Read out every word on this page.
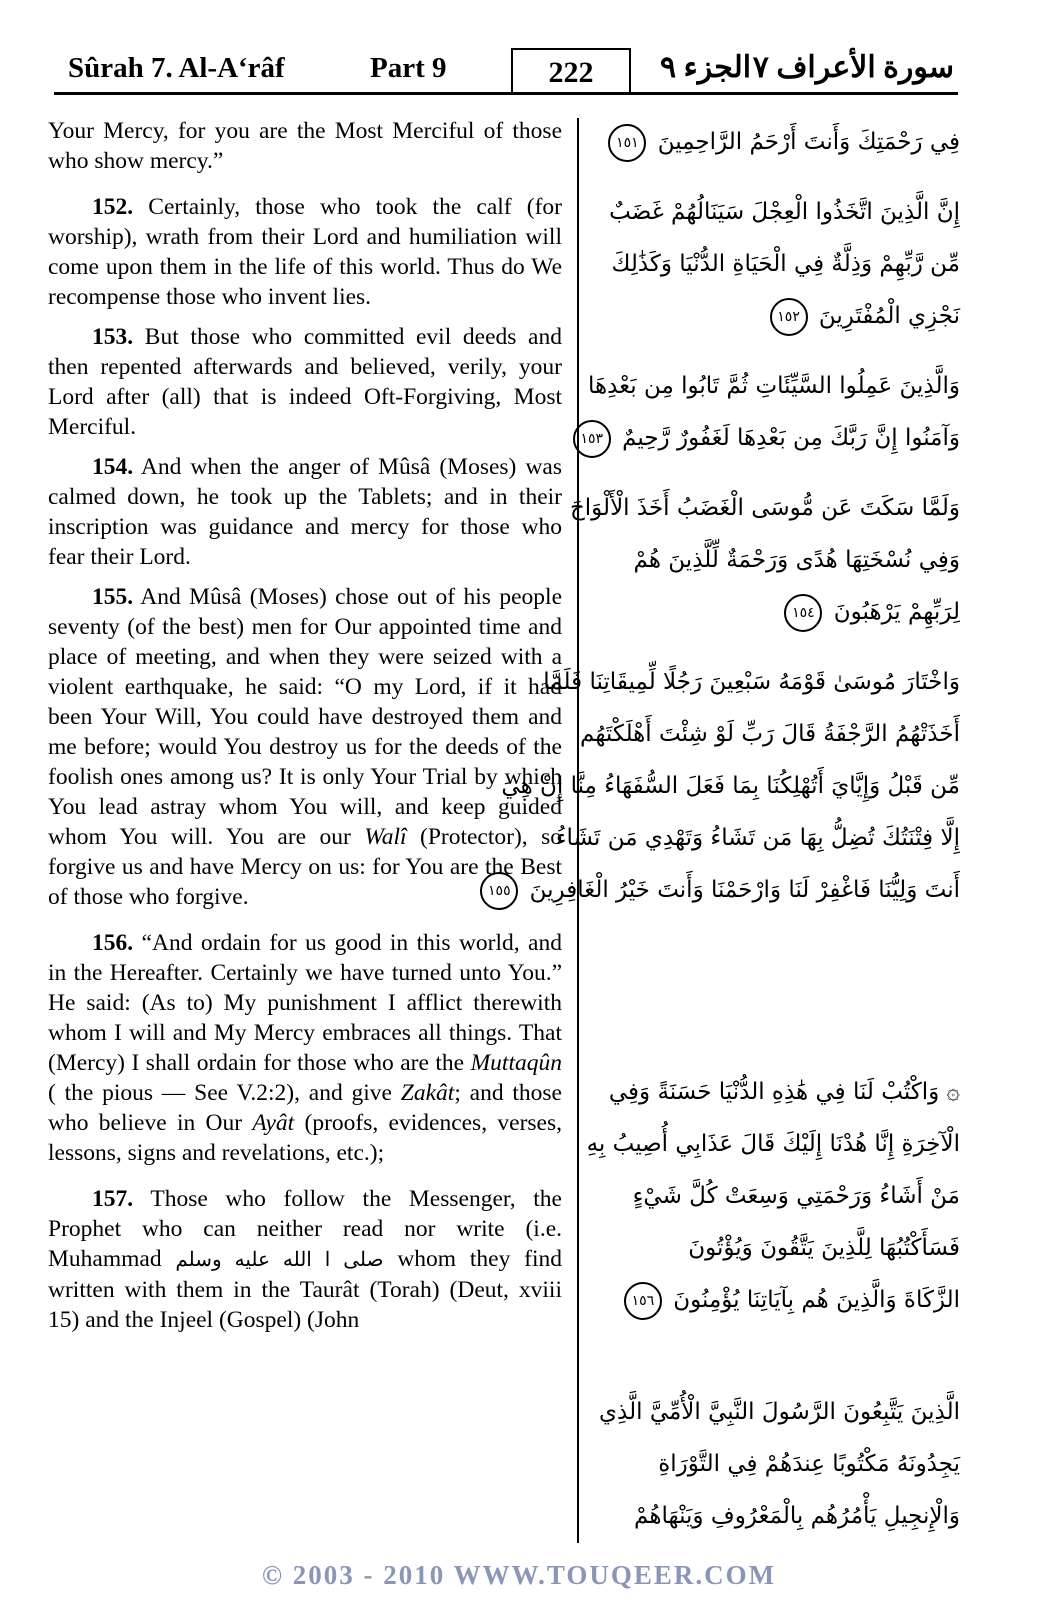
Sûrah 7. Al-A‘râf	Part 9	222	الجزء ٩ سورة الأعراف ٧

Your Mercy, for you are the Most Merciful of those who show mercy.”

152. Certainly, those who took the calf (for worship), wrath from their Lord and humiliation will come upon them in the life of this world. Thus do We recompense those who invent lies.

153. But those who committed evil deeds and then repented afterwards and believed, verily, your Lord after (all) that is indeed Oft-Forgiving, Most Merciful.

154. And when the anger of Mûsâ (Moses) was calmed down, he took up the Tablets; and in their inscription was guidance and mercy for those who fear their Lord.

155. And Mûsâ (Moses) chose out of his people seventy (of the best) men for Our appointed time and place of meeting, and when they were seized with a violent earthquake, he said: “O my Lord, if it had been Your Will, You could have destroyed them and me before; would You destroy us for the deeds of the foolish ones among us? It is only Your Trial by which You lead astray whom You will, and keep guided whom You will. You are our Walî (Protector), so forgive us and have Mercy on us: for You are the Best of those who forgive.

156. “And ordain for us good in this world, and in the Hereafter. Certainly we have turned unto You.” He said: (As to) My punishment I afflict therewith whom I will and My Mercy embraces all things. That (Mercy) I shall ordain for those who are the Muttaqûn ( the pious — See V.2:2), and give Zakât; and those who believe in Our Ayât (proofs, evidences, verses, lessons, signs and revelations, etc.);

157. Those who follow the Messenger, the Prophet who can neither read nor write (i.e. Muhammad صلى ا الله عليه وسلم whom they find written with them in the Taurât (Torah) (Deut, xviii 15) and the Injeel (Gospel) (John

فِي رَحْمَتِكَ وَأَنتَ أَرْحَمُ الرَّاحِمِينَ ١٥١
إِنَّ الَّذِينَ اتَّخَذُوا الْعِجْلَ سَيَنَالُهُمْ غَضَبٌ
مِّن رَّبِّهِمْ وَذِلَّةٌ فِي الْحَيَاةِ الدُّنْيَا وَكَذَٰلِكَ
نَجْزِي الْمُفْتَرِينَ ١٥٢
وَالَّذِينَ عَمِلُوا السَّيِّئَاتِ ثُمَّ تَابُوا مِن بَعْدِهَا
وَآمَنُوا إِنَّ رَبَّكَ مِن بَعْدِهَا لَغَفُورٌ رَّحِيمٌ ١٥٣
وَلَمَّا سَكَتَ عَن مُّوسَى الْغَضَبُ أَخَذَ الْأَلْوَاحَ
وَفِي نُسْخَتِهَا هُدًى وَرَحْمَةٌ لِّلَّذِينَ هُمْ
لِرَبِّهِمْ يَرْهَبُونَ ١٥٤
وَاخْتَارَ مُوسَىٰ قَوْمَهُ سَبْعِينَ رَجُلًا لِّمِيقَاتِنَا فَلَمَّا
أَخَذَتْهُمُ الرَّجْفَةُ قَالَ رَبِّ لَوْ شِئْتَ أَهْلَكْتَهُم
مِّن قَبْلُ وَإِيَّايَ أَتُهْلِكُنَا بِمَا فَعَلَ السُّفَهَاءُ مِنَّا إِنْ هِيَ
إِلَّا فِتْنَتُكَ تُضِلُّ بِهَا مَن تَشَاءُ وَتَهْدِي مَن تَشَاءُ
أَنتَ وَلِيُّنَا فَاغْفِرْ لَنَا وَارْحَمْنَا وَأَنتَ خَيْرُ الْغَافِرِينَ ١٥٥
۞ وَاكْتُبْ لَنَا فِي هَٰذِهِ الدُّنْيَا حَسَنَةً وَفِي
الْآخِرَةِ إِنَّا هُدْنَا إِلَيْكَ قَالَ عَذَابِي أُصِيبُ بِهِ
مَنْ أَشَاءُ وَرَحْمَتِي وَسِعَتْ كُلَّ شَيْءٍ
فَسَأَكْتُبُهَا لِلَّذِينَ يَتَّقُونَ وَيُؤْتُونَ
الزَّكَاةَ وَالَّذِينَ هُم بِآيَاتِنَا يُؤْمِنُونَ ١٥٦
الَّذِينَ يَتَّبِعُونَ الرَّسُولَ النَّبِيَّ الْأُمِّيَّ الَّذِي
يَجِدُونَهُ مَكْتُوبًا عِندَهُمْ فِي التَّوْرَاةِ
وَالْإِنجِيلِ يَأْمُرُهُم بِالْمَعْرُوفِ وَيَنْهَاهُمْ
© 2003 - 2010 WWW.TOUQEER.COM
